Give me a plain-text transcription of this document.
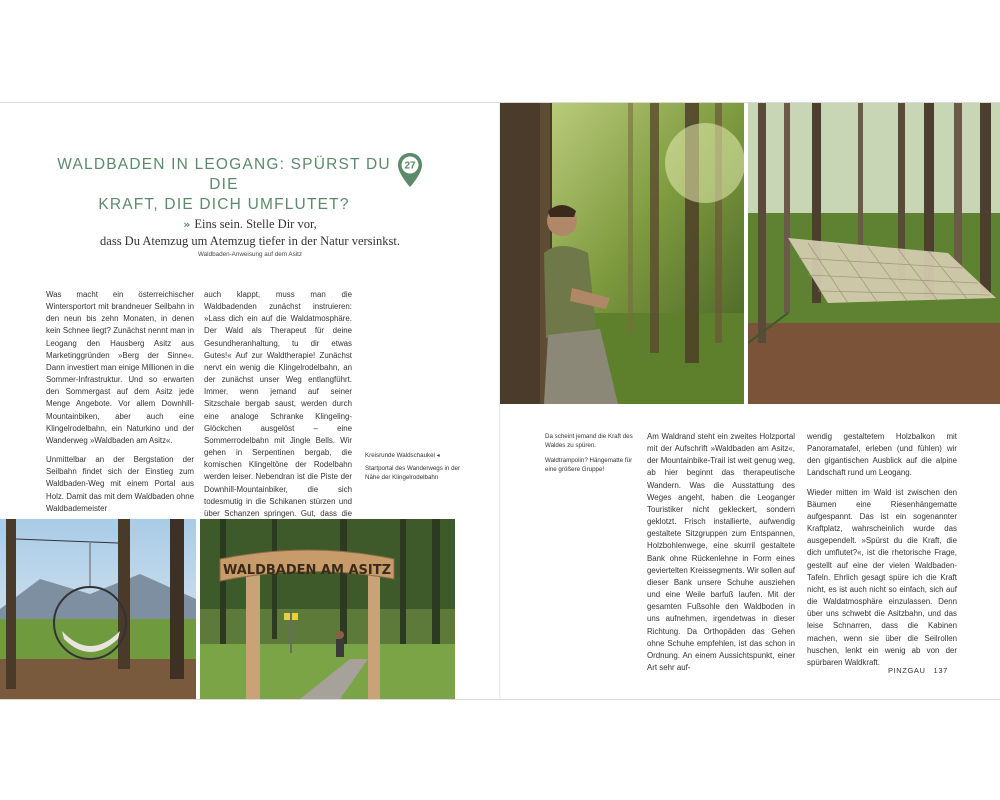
WALDBADEN IN LEOGANG: SPÜRST DU DIE
KRAFT, DIE DICH UMFLUTET?
27
» Eins sein. Stelle Dir vor,
dass Du Atemzug um Atemzug tiefer in der Natur versinkst.
Waldbaden-Anweisung auf dem Asitz

Was macht ein österreichischer Wintersportort mit brandneuer Seilbahn in den neun bis zehn Monaten, in denen kein Schnee liegt? Zunächst nennt man in Leogang den Hausberg Asitz aus Marketinggründen »Berg der Sinne«. Dann investiert man einige Millionen in die Sommer-Infrastruktur. Und so erwarten den Sommergast auf dem Asitz jede Menge Angebote. Vor allem Downhill-Mountainbiken, aber auch eine Klingelrodelbahn, ein Naturkino und der Wanderweg »Waldbaden am Asitz«.

Unmittelbar an der Bergstation der Seilbahn findet sich der Einstieg zum Waldbaden-Weg mit einem Portal aus Holz. Damit das mit dem Waldbaden ohne Waldbademeister

auch klappt, muss man die Waldbadenden zunächst instruieren: »Lass dich ein auf die Waldatmosphäre. Der Wald als Therapeut für deine Gesundheranhaltung, tu dir etwas Gutes!« Auf zur Waldtherapie! Zunächst nervt ein wenig die Klingelrodelbahn, an der zunächst unser Weg entlangführt. Immer, wenn jemand auf seiner Sitzschale bergab saust, werden durch eine analoge Schranke Klingeling-Glöckchen ausgelöst – eine Sommerrodelbahn mit Jingle Bells. Wir gehen in Serpentinen bergab, die komischen Klingeltöne der Rodelbahn werden leiser. Nebendran ist die Piste der Downhill-Mountainbiker, die sich todesmutig in die Schikanen stürzen und über Schanzen springen. Gut, dass die

Am Waldrand steht ein zweites Holzportal mit der Aufschrift »Waldbaden am Asitz«, der Mountainbike-Trail ist weit genug weg, ab hier beginnt das therapeutische Wandern. Was die Ausstattung des Weges angeht, haben die Leoganger Touristiker nicht gekleckert, sondern geklotzt. Frisch installierte, aufwendig gestaltete Sitzgruppen zum Entspannen, Holzbohlenwege, eine skurril gestaltete Bank ohne Rückenlehne in Form eines geviertelten Kreissegments. Wir sollen auf dieser Bank unsere Schuhe ausziehen und eine Weile barfuß laufen. Mit der gesamten Fußsohle den Waldboden in uns aufnehmen, irgendetwas in dieser Richtung. Da Orthopäden das Gehen ohne Schuhe empfehlen, ist das schon in Ordnung. An einem Aussichtspunkt, einer Art sehr auf-

wendig gestaltetem Holzbalkon mit Panoramatafel, erleben (und fühlen) wir den gigantischen Ausblick auf die alpine Landschaft rund um Leogang.

Wieder mitten im Wald ist zwischen den Bäumen eine Riesenhängematte aufgespannt. Das ist ein sogenannter Kraftplatz, wahrscheinlich wurde das ausgependelt. »Spürst du die Kraft, die dich umflutet?«, ist die rhetorische Frage, gestellt auf eine der vielen Waldbaden-Tafeln. Ehrlich gesagt spüre ich die Kraft nicht, es ist auch nicht so einfach, sich auf die Waldatmosphäre einzulassen. Denn über uns schwebt die Asitzbahn, und das leise Schnarren, dass die Kabinen machen, wenn sie über die Seilrollen huschen, lenkt ein wenig ab von der spürbaren Waldkraft.

Kreisrunde Waldschaukel ◂
Startportal des Wanderwegs in der Nähe der Klingelrodelbahn
Da scheint jemand die Kraft des Waldes zu spüren.
Waldtrampolin? Hängematte für eine größere Gruppe!
WALDBADEN AM ASITZ
PINZGAU 137
